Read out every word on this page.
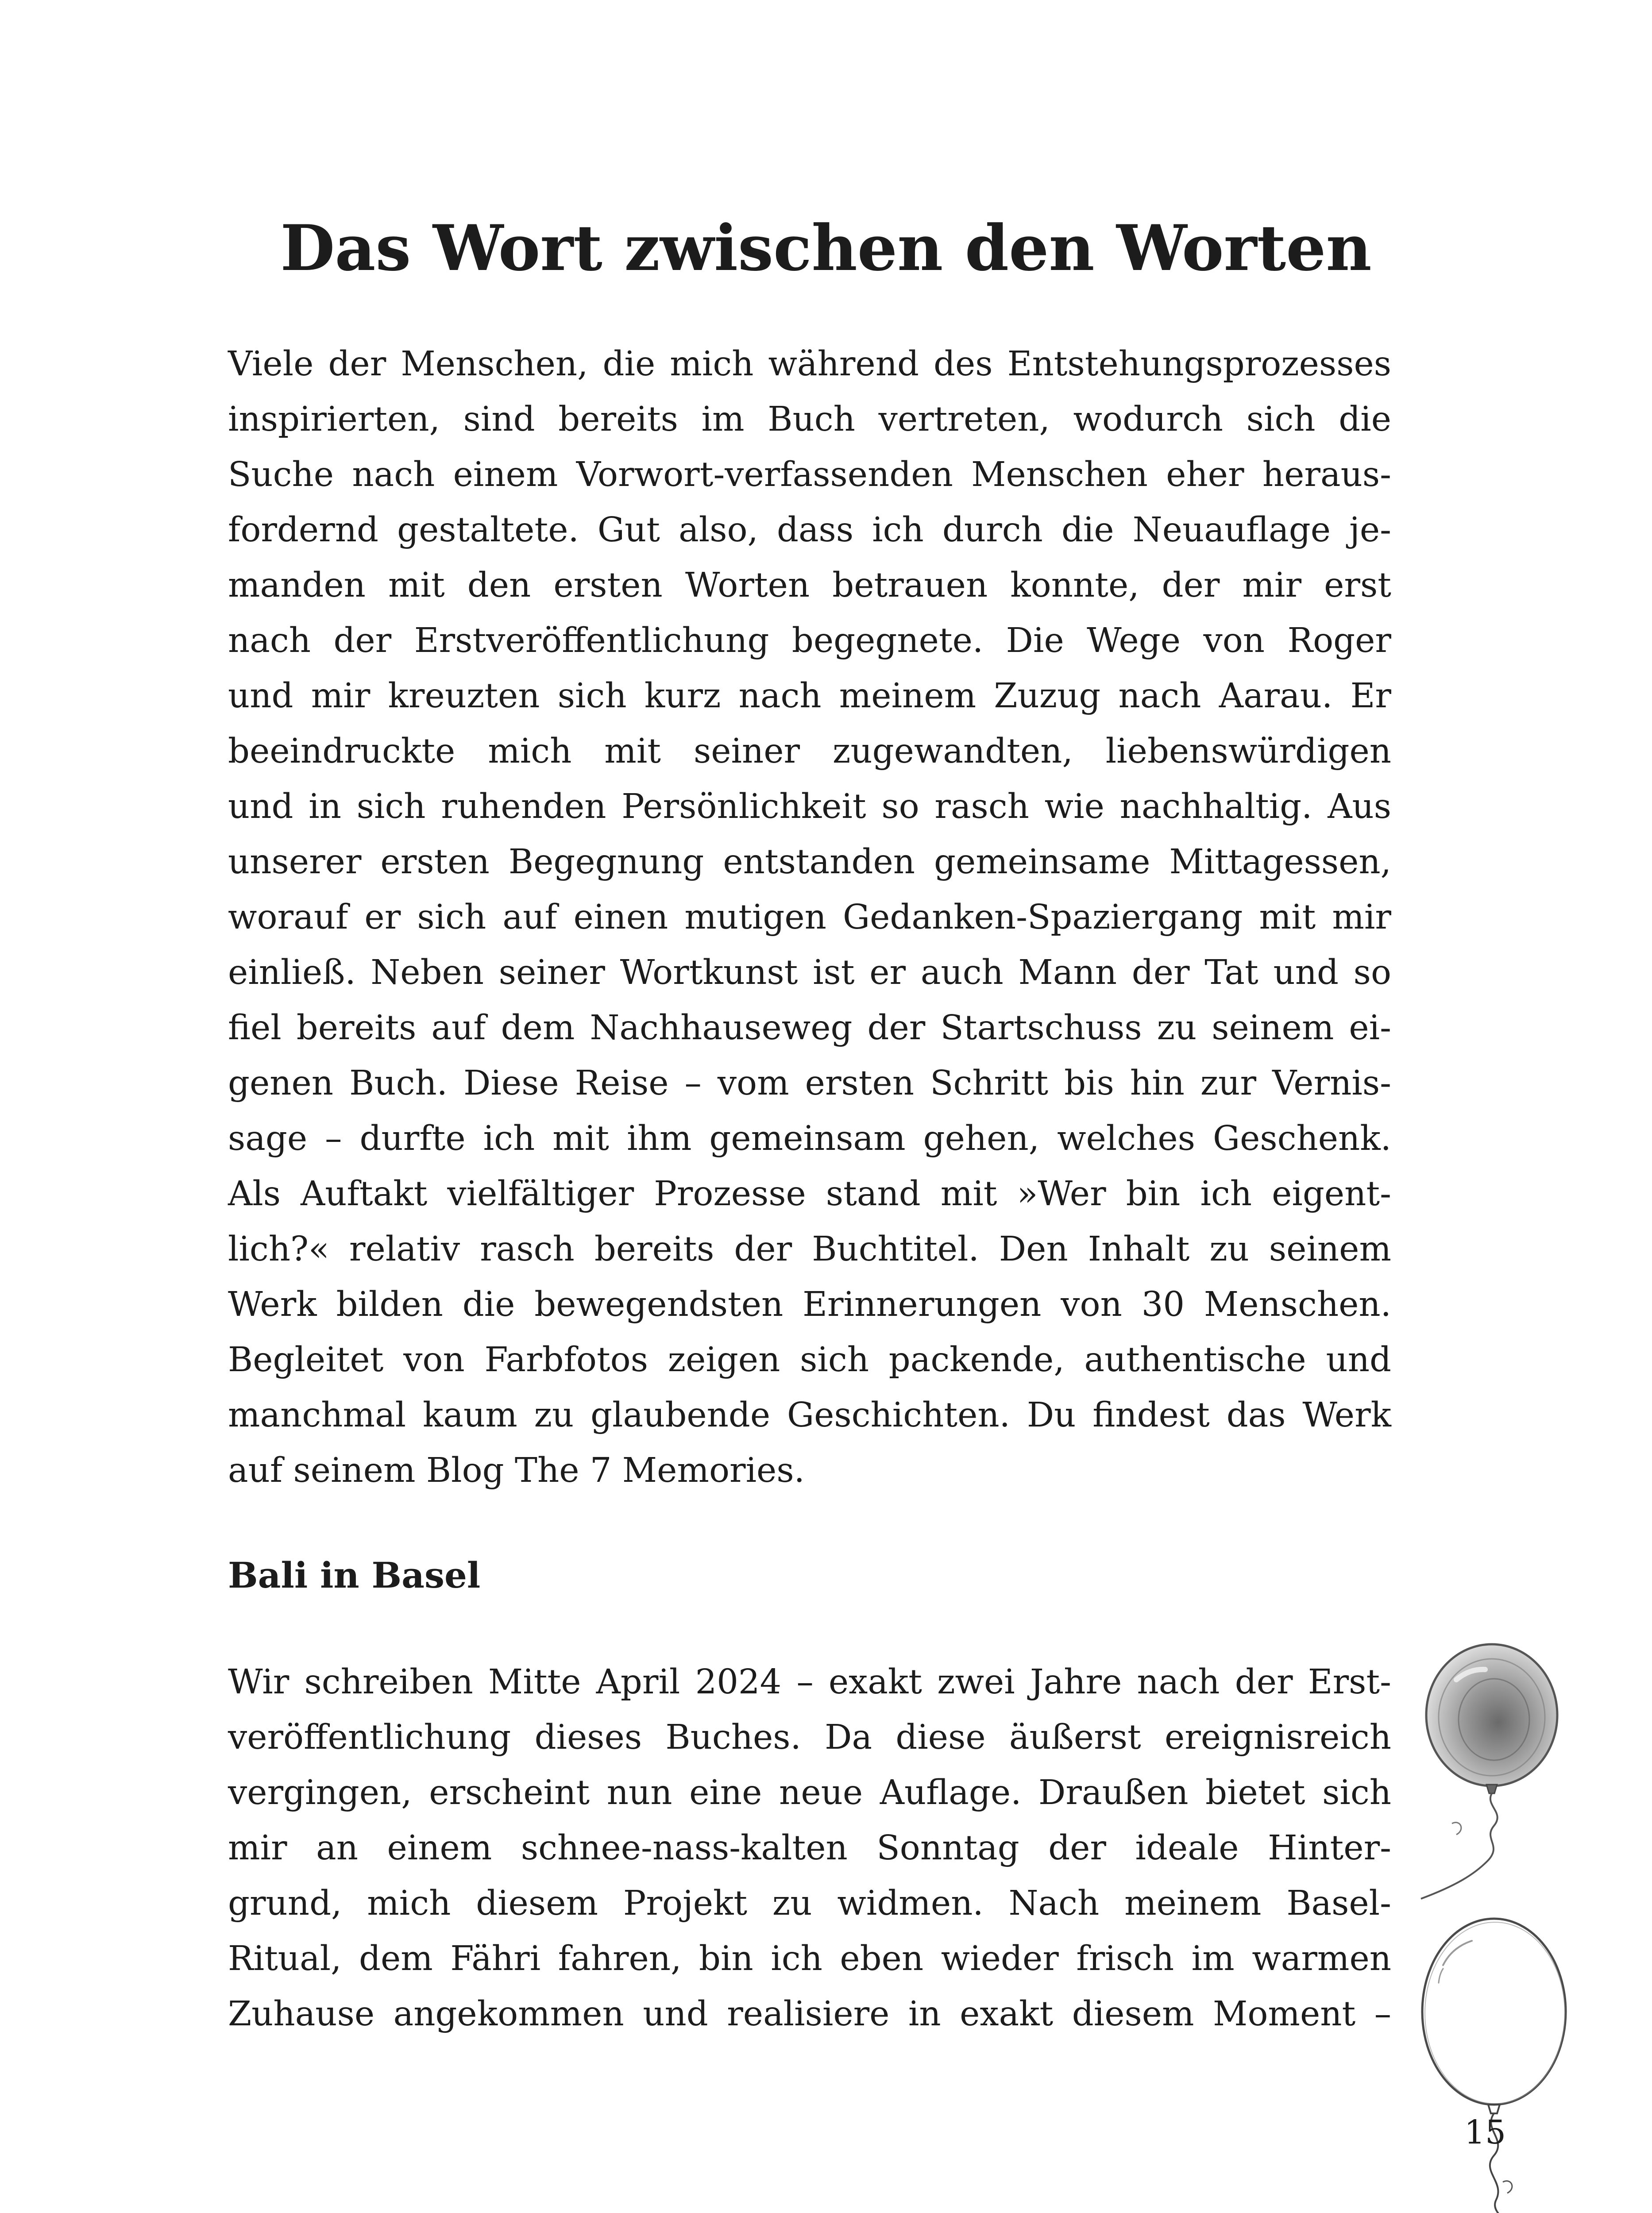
Das Wort zwischen den Worten
Viele der Menschen, die mich während des Entstehungsprozesses
inspirierten, sind bereits im Buch vertreten, wodurch sich die
Suche nach einem Vorwort-verfassenden Menschen eher heraus-
fordernd gestaltete. Gut also, dass ich durch die Neuauflage je-
manden mit den ersten Worten betrauen konnte, der mir erst
nach der Erstveröffentlichung begegnete. Die Wege von Roger
und mir kreuzten sich kurz nach meinem Zuzug nach Aarau. Er
beeindruckte mich mit seiner zugewandten, liebenswürdigen
und in sich ruhenden Persönlichkeit so rasch wie nachhaltig. Aus
unserer ersten Begegnung entstanden gemeinsame Mittagessen,
worauf er sich auf einen mutigen Gedanken-Spaziergang mit mir
einließ. Neben seiner Wortkunst ist er auch Mann der Tat und so
fiel bereits auf dem Nachhauseweg der Startschuss zu seinem ei-
genen Buch. Diese Reise – vom ersten Schritt bis hin zur Vernis-
sage – durfte ich mit ihm gemeinsam gehen, welches Geschenk.
Als Auftakt vielfältiger Prozesse stand mit »Wer bin ich eigent-
lich?« relativ rasch bereits der Buchtitel. Den Inhalt zu seinem
Werk bilden die bewegendsten Erinnerungen von 30 Menschen.
Begleitet von Farbfotos zeigen sich packende, authentische und
manchmal kaum zu glaubende Geschichten. Du findest das Werk
auf seinem Blog The 7 Memories.
Bali in Basel
Wir schreiben Mitte April 2024 – exakt zwei Jahre nach der Erst-
veröffentlichung dieses Buches. Da diese äußerst ereignisreich
vergingen, erscheint nun eine neue Auflage. Draußen bietet sich
mir an einem schnee-nass-kalten Sonntag der ideale Hinter-
grund, mich diesem Projekt zu widmen. Nach meinem Basel-
Ritual, dem Fähri fahren, bin ich eben wieder frisch im warmen
Zuhause angekommen und realisiere in exakt diesem Moment –
15
